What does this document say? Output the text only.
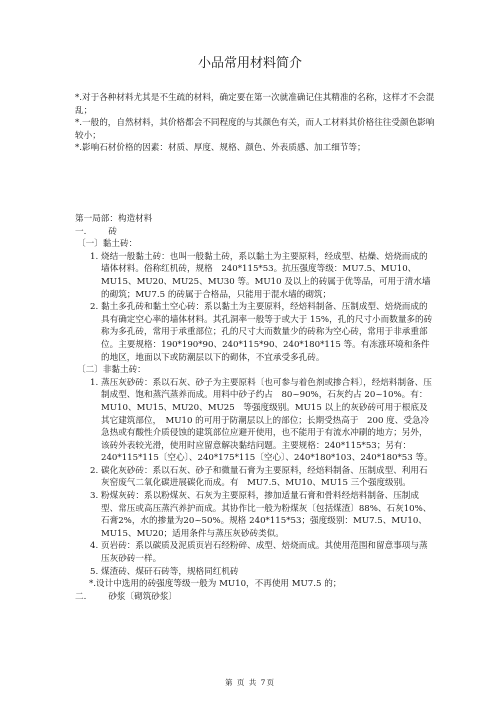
小品常用材料简介

*.对于各种材料尤其是不生疏的材料，确定要在第一次就准确记住其精准的名称，这样才不会混乱；

*.一般的，自然材料，其价格都会不同程度的与其颜色有关，而人工材料其价格往往受颜色影响较小；

*.影响石材价格的因素：材质、厚度、规格、颜色、外表质感、加工细节等；

第一局部：构造材料

一.	砖

〔一〕黏土砖：

1. 烧结一般黏土砖：也叫一般黏土砖，系以黏土为主要原料，经成型、枯燥、焙烧而成的墙体材料。俗称红机砖，规格　240*115*53。抗压强度等级：MU7.5、MU10、MU15、MU20、MU25、MU30 等。MU10 及以上的砖属于优等品，可用于清水墙的砌筑；MU7.5 的砖属于合格品，只能用于混水墙的砌筑；

2. 黏土多孔砖和黏土空心砖：系以黏土为主要原料，经焙料制备、压制成型、焙烧而成的具有确定空心率的墙体材料。其孔洞率一般等于或大于 15%，孔的尺寸小而数量多的砖称为多孔砖，常用于承重部位；孔的尺寸大而数量少的砖称为空心砖，常用于非承重部位。主要规格：190*190*90、240*115*90、240*180*115 等。有冻涨环境和条件的地区，地面以下或防潮层以下的砌体，不宜承受多孔砖。

〔二〕非黏土砖：

1. 蒸压灰砂砖：系以石灰、砂子为主要原料〔也可参与着色剂或掺合料〕，经焙料制备、压制成型、饱和蒸汽蒸养而成。用料中砂子约占　80~90%，石灰约占 20~10%。有：MU10、MU15、MU20、MU25　等强度级别。MU15 以上的灰砂砖可用于根底及其它建筑部位，　MU10 的可用于防潮层以上的部位；长期受热高于　200 度、受急冷急热或有酸性介质侵蚀的建筑部位应避开使用，也不能用于有流水冲刷的地方；另外，该砖外表较光滑，使用时应留意解决黏结问题。主要规格：240*115*53；另有：240*115*115〔空心〕、240*175*115〔空心〕、240*180*103、240*180*53 等。

2. 碳化灰砂砖：系以石灰、砂子和微量石膏为主要原料，经焙料制备、压制成型、利用石灰窑废气二氧化碳进展碳化而成。有　MU7.5、MU10、MU15 三个强度级别。

3. 粉煤灰砖：系以粉煤灰、石灰为主要原料，掺加适量石膏和骨料经焙料制备、压制成型、常压或高压蒸汽养护而成。其协作比一般为粉煤灰〔包括煤渣〕88%、石灰10%、石膏2%，水的掺量为20~50%。规格 240*115*53；强度级别：MU7.5、MU10、MU15、MU20；适用条件与蒸压灰砂砖类似。

4. 页岩砖：系以碳质及泥质页岩石经粉碎、成型、焙烧而成。其使用范围和留意事项与蒸压灰砂砖一样。

5. 煤渣砖、煤矸石砖等，规格同红机砖

*.设计中选用的砖强度等级一般为 MU10，不再使用 MU7.5 的；

二.	砂浆〔砌筑砂浆〕

第 页 共 7页
